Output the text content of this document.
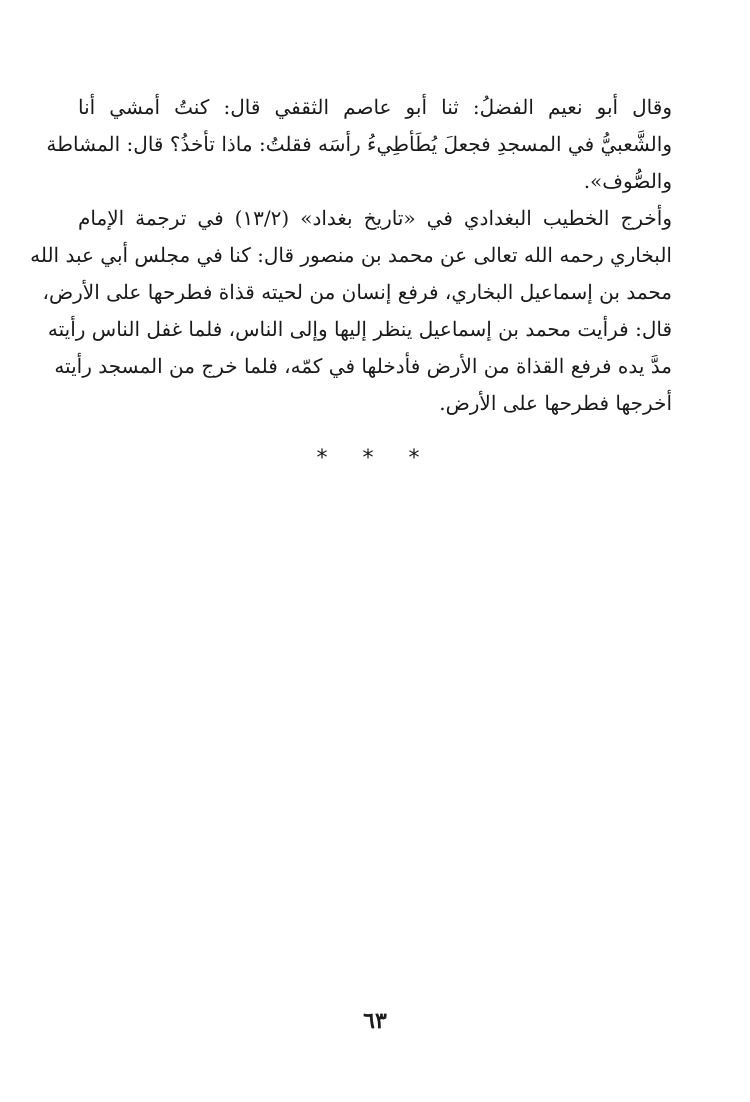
وقال أبو نعيم الفضلُ: ثنا أبو عاصم الثقفي قال: كنتُ أمشي أنا
والشَّعبيُّ في المسجدِ فجعلَ يُطَأطِيءُ رأسَه فقلتُ: ماذا تأخذُ؟ قال: المشاطة
والصُّوف».
وأخرج الخطيب البغدادي في «تاريخ بغداد» (١٣/٢) في ترجمة الإمام
البخاري رحمه الله تعالى عن محمد بن منصور قال: كنا في مجلس أبي عبد الله
محمد بن إسماعيل البخاري، فرفع إنسان من لحيته قذاة فطرحها على الأرض،
قال: فرأيت محمد بن إسماعيل ينظر إليها وإلى الناس، فلما غفل الناس رأيته
مدَّ يده فرفع القذاة من الأرض فأدخلها في كمّه، فلما خرج من المسجد رأيته
أخرجها فطرحها على الأرض.
* * *
٦٣
